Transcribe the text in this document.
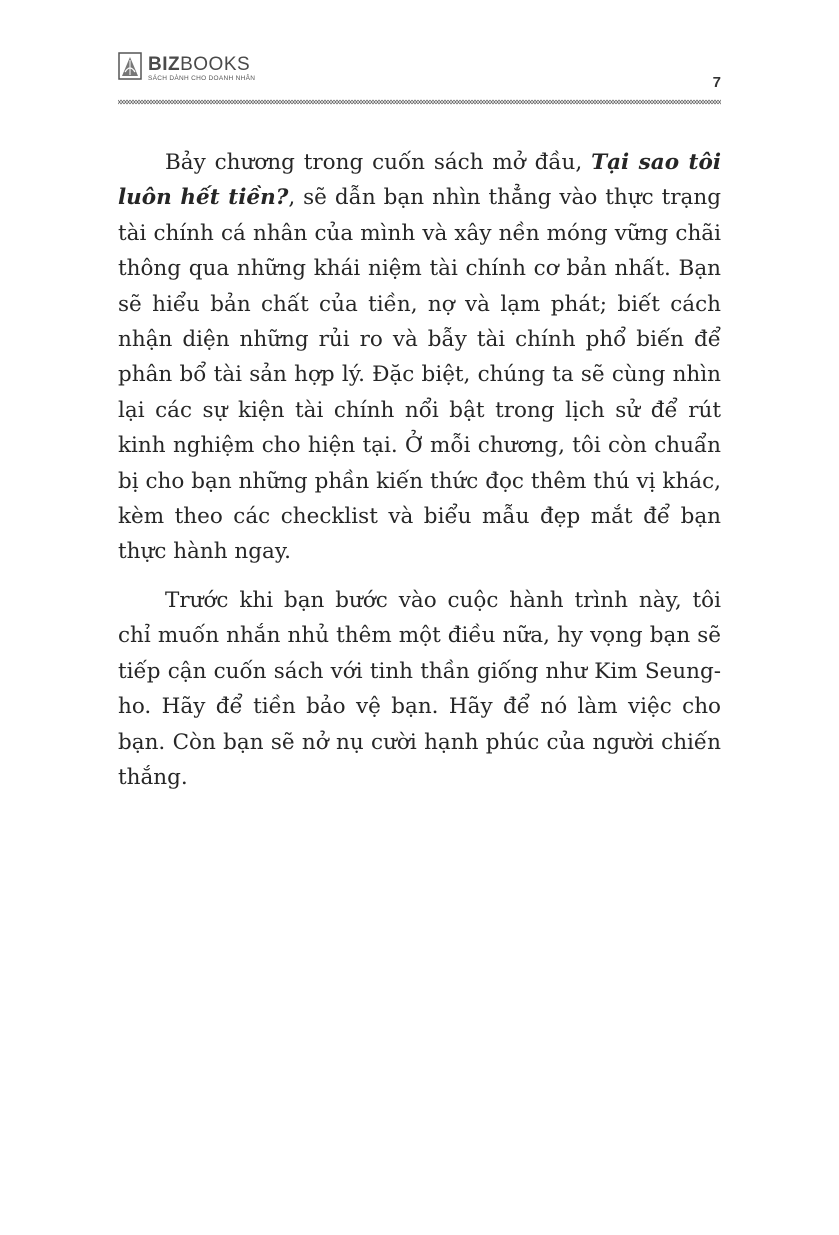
BIZBOOKS
SÁCH DÀNH CHO DOANH NHÂN	7

Bảy chương trong cuốn sách mở đầu, Tại sao tôi luôn hết tiền?, sẽ dẫn bạn nhìn thẳng vào thực trạng tài chính cá nhân của mình và xây nền móng vững chãi thông qua những khái niệm tài chính cơ bản nhất. Bạn sẽ hiểu bản chất của tiền, nợ và lạm phát; biết cách nhận diện những rủi ro và bẫy tài chính phổ biến để phân bổ tài sản hợp lý. Đặc biệt, chúng ta sẽ cùng nhìn lại các sự kiện tài chính nổi bật trong lịch sử để rút kinh nghiệm cho hiện tại. Ở mỗi chương, tôi còn chuẩn bị cho bạn những phần kiến thức đọc thêm thú vị khác, kèm theo các checklist và biểu mẫu đẹp mắt để bạn thực hành ngay.

Trước khi bạn bước vào cuộc hành trình này, tôi chỉ muốn nhắn nhủ thêm một điều nữa, hy vọng bạn sẽ tiếp cận cuốn sách với tinh thần giống như Kim Seung-ho. Hãy để tiền bảo vệ bạn. Hãy để nó làm việc cho bạn. Còn bạn sẽ nở nụ cười hạnh phúc của người chiến thắng.
